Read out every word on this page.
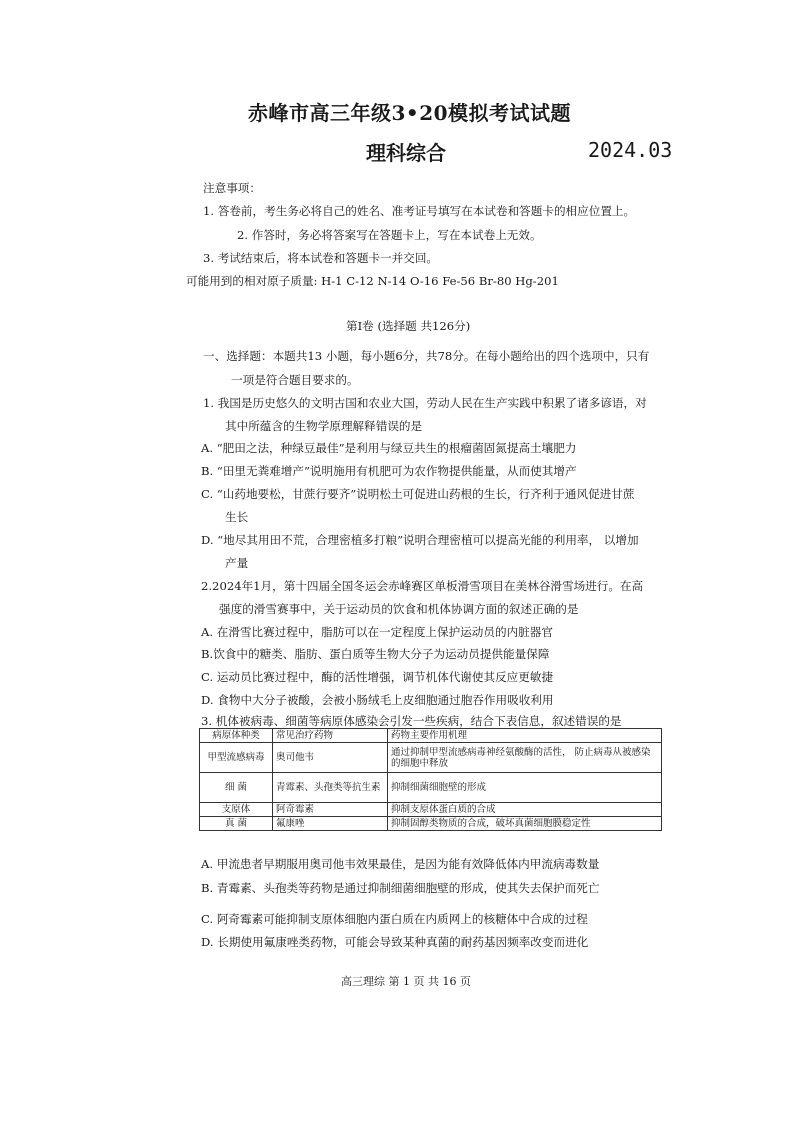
赤峰市高三年级3•20模拟考试试题
理科综合	2024.03
注意事项：
1. 答卷前，考生务必将自己的姓名、准考证号填写在本试卷和答题卡的相应位置上。
2. 作答时，务必将答案写在答题卡上，写在本试卷上无效。
3. 考试结束后，将本试卷和答题卡一并交回。
可能用到的相对原子质量: H-1 C-12 N-14 O-16 Fe-56 Br-80 Hg-201
第Ⅰ卷 (选择题 共126分)
一、选择题：本题共13 小题，每小题6分，共78分。在每小题给出的四个选项中，只有
一项是符合题目要求的。
1. 我国是历史悠久的文明古国和农业大国，劳动人民在生产实践中积累了诸多谚语，对
其中所蕴含的生物学原理解释错误的是
A. “肥田之法，种绿豆最佳”是利用与绿豆共生的根瘤菌固氮提高土壤肥力
B. “田里无粪难增产”说明施用有机肥可为农作物提供能量，从而使其增产
C. “山药地要松，甘蔗行要齐”说明松土可促进山药根的生长，行齐利于通风促进甘蔗
生长
D. “地尽其用田不荒，合理密植多打粮”说明合理密植可以提高光能的利用率， 以增加
产量
2.2024年1月，第十四届全国冬运会赤峰赛区单板滑雪项目在美林谷滑雪场进行。在高
强度的滑雪赛事中，关于运动员的饮食和机体协调方面的叙述正确的是
A. 在滑雪比赛过程中，脂肪可以在一定程度上保护运动员的内脏器官
B.饮食中的糖类、脂肪、蛋白质等生物大分子为运动员提供能量保障
C. 运动员比赛过程中，酶的活性增强，调节机体代谢使其反应更敏捷
D. 食物中大分子被酸，会被小肠绒毛上皮细胞通过胞吞作用吸收利用
3. 机体被病毒、细菌等病原体感染会引发一些疾病，结合下表信息，叙述错误的是
病原体种类	常见治疗药物	药物主要作用机理
甲型流感病毒	奥司他韦	通过抑制甲型流感病毒神经氨酸酶的活性， 防止病毒从被感染的细胞中释放
细 菌	青霉素、头孢类等抗生素	抑制细菌细胞壁的形成
支原体	阿奇霉素	抑制支原体蛋白质的合成
真 菌	氟康唑	抑制固醇类物质的合成，破坏真菌细胞膜稳定性
A. 甲流患者早期服用奥司他韦效果最佳，是因为能有效降低体内甲流病毒数量
B. 青霉素、头孢类等药物是通过抑制细菌细胞壁的形成，使其失去保护而死亡
C. 阿奇霉素可能抑制支原体细胞内蛋白质在内质网上的核糖体中合成的过程
D. 长期使用氟康唑类药物，可能会导致某种真菌的耐药基因频率改变而进化
高三理综 第 1 页 共 16 页
